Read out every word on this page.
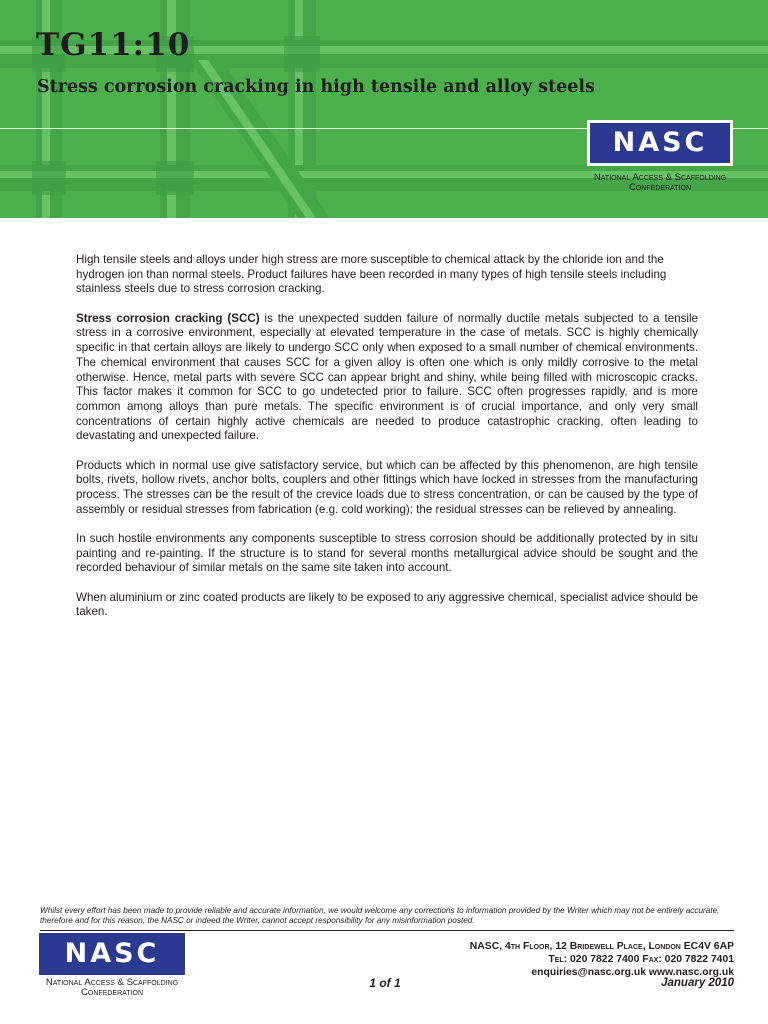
TG11:10
Stress corrosion cracking in high tensile and alloy steels
NASC
National Access & Scaffolding
Confederation

High tensile steels and alloys under high stress are more susceptible to chemical attack by the chloride ion and the hydrogen ion than normal steels. Product failures have been recorded in many types of high tensile steels including stainless steels due to stress corrosion cracking.

Stress corrosion cracking (SCC) is the unexpected sudden failure of normally ductile metals subjected to a tensile stress in a corrosive environment, especially at elevated temperature in the case of metals. SCC is highly chemically specific in that certain alloys are likely to undergo SCC only when exposed to a small number of chemical environments. The chemical environment that causes SCC for a given alloy is often one which is only mildly corrosive to the metal otherwise. Hence, metal parts with severe SCC can appear bright and shiny, while being filled with microscopic cracks. This factor makes it common for SCC to go undetected prior to failure. SCC often progresses rapidly, and is more common among alloys than pure metals. The specific environment is of crucial importance, and only very small concentrations of certain highly active chemicals are needed to produce catastrophic cracking, often leading to devastating and unexpected failure.

Products which in normal use give satisfactory service, but which can be affected by this phenomenon, are high tensile bolts, rivets, hollow rivets, anchor bolts, couplers and other fittings which have locked in stresses from the manufacturing process. The stresses can be the result of the crevice loads due to stress concentration, or can be caused by the type of assembly or residual stresses from fabrication (e.g. cold working); the residual stresses can be relieved by annealing.

In such hostile environments any components susceptible to stress corrosion should be additionally protected by in situ painting and re-painting. If the structure is to stand for several months metallurgical advice should be sought and the recorded behaviour of similar metals on the same site taken into account.

When aluminium or zinc coated products are likely to be exposed to any aggressive chemical, specialist advice should be taken.

Whilst every effort has been made to provide reliable and accurate information, we would welcome any corrections to information provided by the Writer which may not be entirely accurate, therefore and for this reason, the NASC or indeed the Writer, cannot accept responsibility for any misinformation posted.
NASC
National Access & Scaffolding
Confederation
1 of 1
NASC, 4th Floor, 12 Bridewell Place, London EC4V 6AP
Tel: 020 7822 7400 Fax: 020 7822 7401
enquiries@nasc.org.uk www.nasc.org.uk
January 2010
